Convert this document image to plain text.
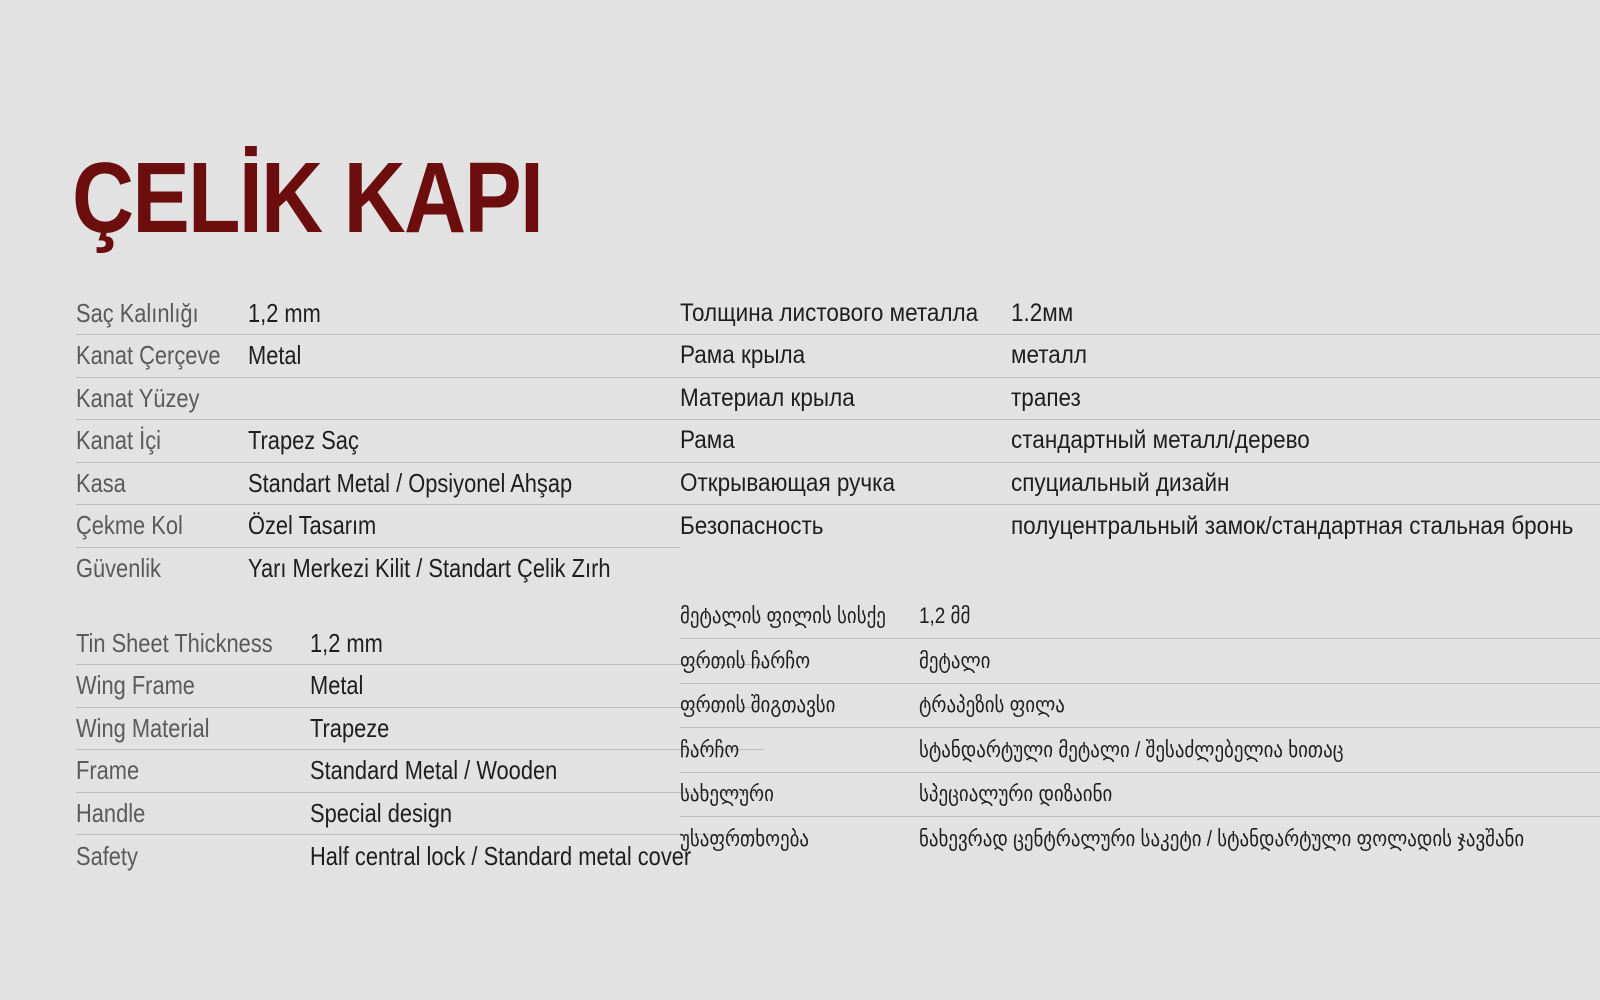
ÇELİK KAPI
Saç Kalınlığı	1,2 mm
Kanat Çerçeve	Metal
Kanat Yüzey	
Kanat İçi	Trapez Saç
Kasa	Standart Metal / Opsiyonel Ahşap
Çekme Kol	Özel Tasarım
Güvenlik	Yarı Merkezi Kilit / Standart Çelik Zırh
Tin Sheet Thickness	1,2 mm
Wing Frame	Metal
Wing Material	Trapeze
Frame	Standard Metal / Wooden
Handle	Special design
Safety	Half central lock / Standard metal cover
Толщина листового металла	1.2мм
Рама крыла	металл
Материал крыла	трапез
Рама	стандартный металл/дерево
Открывающая ручка	спуциальный дизайн
Безопасность	полуцентральный замок/стандартная стальная бронь
მეტალის ფილის სისქე	1,2 მმ
ფრთის ჩარჩო	მეტალი
ფრთის შიგთავსი	ტრაპეზის ფილა
ჩარჩო	სტანდარტული მეტალი / შესაძლებელია ხითაც
სახელური	სპეციალური დიზაინი
უსაფრთხოება	ნახევრად ცენტრალური საკეტი / სტანდარტული ფოლადის ჯავშანი
